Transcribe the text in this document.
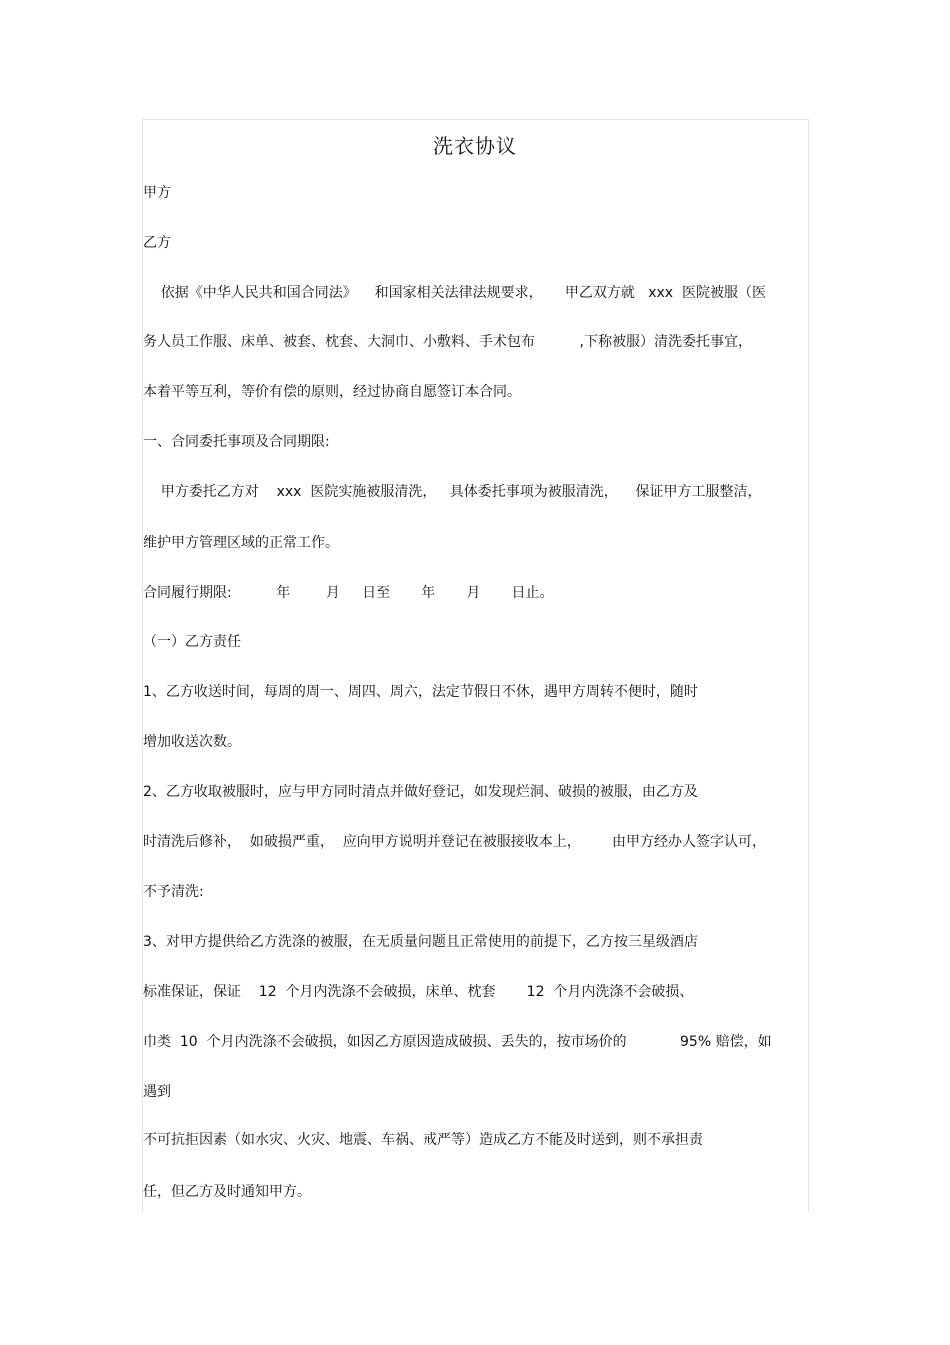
洗衣协议
甲方
乙方
依据《中华人民共和国合同法》    和国家相关法律法规要求，     甲乙双方就   xxx  医院被服（医
务人员工作服、床单、被套、枕套、大洞巾、小敷料、手术包布          ,下称被服）清洗委托事宜，
本着平等互利，等价有偿的原则，经过协商自愿签订本合同。
一、合同委托事项及合同期限:
甲方委托乙方对    xxx  医院实施被服清洗，   具体委托事项为被服清洗，    保证甲方工服整洁，
维护甲方管理区域的正常工作。
合同履行期限:          年        月     日至       年       月       日止。
（一）乙方责任
1、乙方收送时间，每周的周一、周四、周六，法定节假日不休，遇甲方周转不便时，随时
增加收送次数。
2、乙方收取被服时，应与甲方同时清点并做好登记，如发现烂洞、破损的被服，由乙方及
时清洗后修补，  如破损严重，  应向甲方说明并登记在被服接收本上，       由甲方经办人签字认可，
不予清洗:
3、对甲方提供给乙方洗涤的被服，在无质量问题且正常使用的前提下，乙方按三星级酒店
标准保证，保证    12  个月内洗涤不会破损，床单、枕套       12  个月内洗涤不会破损、
巾类  10  个月内洗涤不会破损，如因乙方原因造成破损、丢失的，按市场价的            95% 赔偿，如
遇到
不可抗拒因素（如水灾、火灾、地震、车祸、戒严等）造成乙方不能及时送到，则不承担责
任，但乙方及时通知甲方。
